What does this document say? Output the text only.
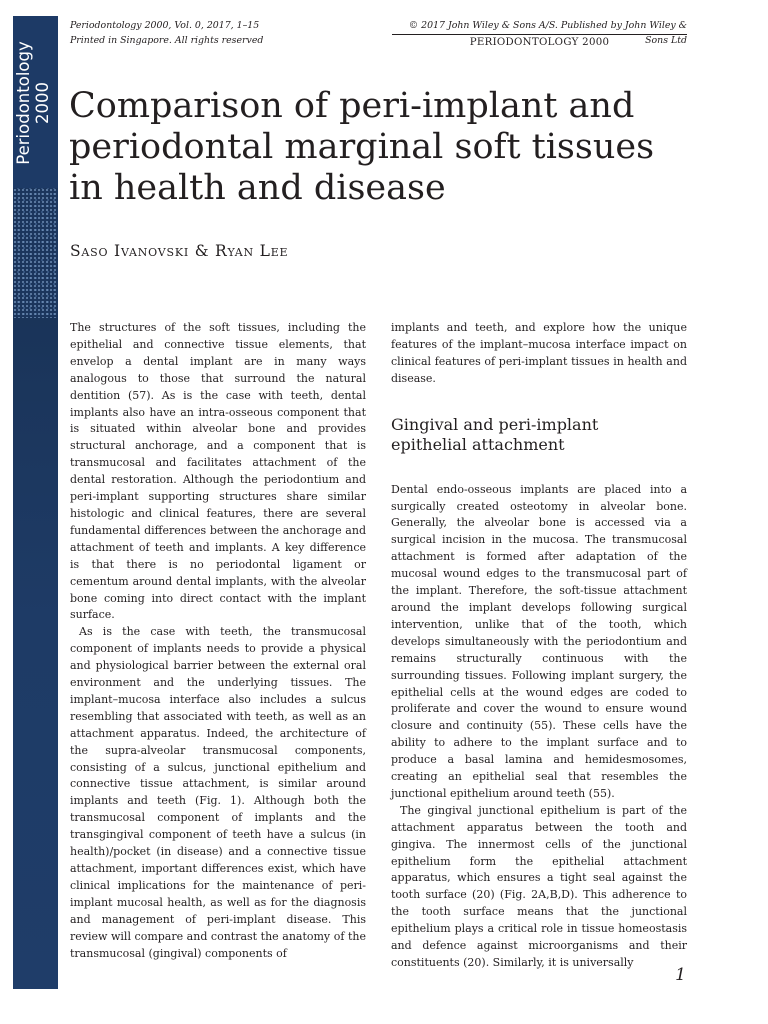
Periodontology 2000
Periodontology 2000, Vol. 0, 2017, 1–15
Printed in Singapore. All rights reserved
© 2017 John Wiley & Sons A/S. Published by John Wiley & Sons Ltd
PERIODONTOLOGY 2000
Comparison of peri-implant and
periodontal marginal soft tissues
in health and disease

Saso Ivanovski & Ryan Lee

The structures of the soft tissues, including the epithelial and connective tissue elements, that envelop a dental implant are in many ways analogous to those that surround the natural dentition (57). As is the case with teeth, dental implants also have an intra-osseous component that is situated within alveolar bone and provides structural anchorage, and a component that is transmucosal and facilitates attachment of the dental restoration. Although the periodontium and peri-implant supporting structures share similar histologic and clinical features, there are several fundamental differences between the anchorage and attachment of teeth and implants. A key difference is that there is no periodontal ligament or cementum around dental implants, with the alveolar bone coming into direct contact with the implant surface.

As is the case with teeth, the transmucosal component of implants needs to provide a physical and physiological barrier between the external oral environment and the underlying tissues. The implant–mucosa interface also includes a sulcus resembling that associated with teeth, as well as an attachment apparatus. Indeed, the architecture of the supra-alveolar transmucosal components, consisting of a sulcus, junctional epithelium and connective tissue attachment, is similar around implants and teeth (Fig. 1). Although both the transmucosal component of implants and the transgingival component of teeth have a sulcus (in health)/pocket (in disease) and a connective tissue attachment, important differences exist, which have clinical implications for the maintenance of peri-implant mucosal health, as well as for the diagnosis and management of peri-implant disease. This review will compare and contrast the anatomy of the transmucosal (gingival) components of

implants and teeth, and explore how the unique features of the implant–mucosa interface impact on clinical features of peri-implant tissues in health and disease.

Gingival and peri-implant
epithelial attachment

Dental endo-osseous implants are placed into a surgically created osteotomy in alveolar bone. Generally, the alveolar bone is accessed via a surgical incision in the mucosa. The transmucosal attachment is formed after adaptation of the mucosal wound edges to the transmucosal part of the implant. Therefore, the soft-tissue attachment around the implant develops following surgical intervention, unlike that of the tooth, which develops simultaneously with the periodontium and remains structurally continuous with the surrounding tissues. Following implant surgery, the epithelial cells at the wound edges are coded to proliferate and cover the wound to ensure wound closure and continuity (55). These cells have the ability to adhere to the implant surface and to produce a basal lamina and hemidesmosomes, creating an epithelial seal that resembles the junctional epithelium around teeth (55).

The gingival junctional epithelium is part of the attachment apparatus between the tooth and gingiva. The innermost cells of the junctional epithelium form the epithelial attachment apparatus, which ensures a tight seal against the tooth surface (20) (Fig. 2A,B,D). This adherence to the tooth surface means that the junctional epithelium plays a critical role in tissue homeostasis and defence against microorganisms and their constituents (20). Similarly, it is universally

1
